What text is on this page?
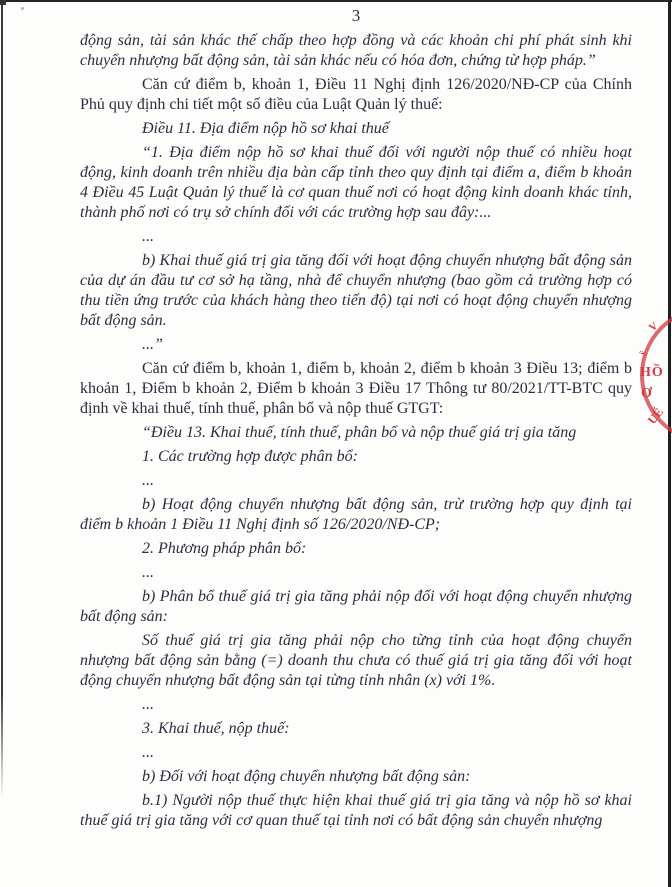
3

động sản, tài sản khác thế chấp theo hợp đồng và các khoản chi phí phát sinh khi chuyển nhượng bất động sản, tài sản khác nếu có hóa đơn, chứng từ hợp pháp.”

Căn cứ điểm b, khoản 1, Điều 11 Nghị định 126/2020/NĐ-CP của Chính Phủ quy định chi tiết một số điều của Luật Quản lý thuế:

Điều 11. Địa điểm nộp hồ sơ khai thuế

“1. Địa điểm nộp hồ sơ khai thuế đối với người nộp thuế có nhiều hoạt động, kinh doanh trên nhiều địa bàn cấp tỉnh theo quy định tại điểm a, điểm b khoản 4 Điều 45 Luật Quản lý thuế là cơ quan thuế nơi có hoạt động kinh doanh khác tỉnh, thành phố nơi có trụ sở chính đối với các trường hợp sau đây:...

...

b) Khai thuế giá trị gia tăng đối với hoạt động chuyển nhượng bất động sản của dự án đầu tư cơ sở hạ tầng, nhà để chuyển nhượng (bao gồm cả trường hợp có thu tiền ứng trước của khách hàng theo tiến độ) tại nơi có hoạt động chuyển nhượng bất động sản.

...”

Căn cứ điểm b, khoản 1, điểm b, khoản 2, điểm b khoản 3 Điều 13; điểm b khoản 1, Điểm b khoản 2, Điểm b khoản 3 Điều 17 Thông tư 80/2021/TT-BTC quy định về khai thuế, tính thuế, phân bổ và nộp thuế GTGT:

“Điều 13. Khai thuế, tính thuế, phân bổ và nộp thuế giá trị gia tăng

1. Các trường hợp được phân bổ:

...

b) Hoạt động chuyển nhượng bất động sản, trừ trường hợp quy định tại điểm b khoản 1 Điều 11 Nghị định số 126/2020/NĐ-CP;

2. Phương pháp phân bổ:

...

b) Phân bổ thuế giá trị gia tăng phải nộp đối với hoạt động chuyển nhượng bất động sản:

Số thuế giá trị gia tăng phải nộp cho từng tỉnh của hoạt động chuyển nhượng bất động sản bằng (=) doanh thu chưa có thuế giá trị gia tăng đối với hoạt động chuyển nhượng bất động sản tại từng tỉnh nhân (x) với 1%.

...

3. Khai thuế, nộp thuế:

...

b) Đối với hoạt động chuyển nhượng bất động sản:

b.1) Người nộp thuế thực hiện khai thuế giá trị gia tăng và nộp hồ sơ khai thuế giá trị gia tăng với cơ quan thuế tại tỉnh nơi có bất động sản chuyển nhượng

V
ỹ
HỒ
Ơ
UẾ
